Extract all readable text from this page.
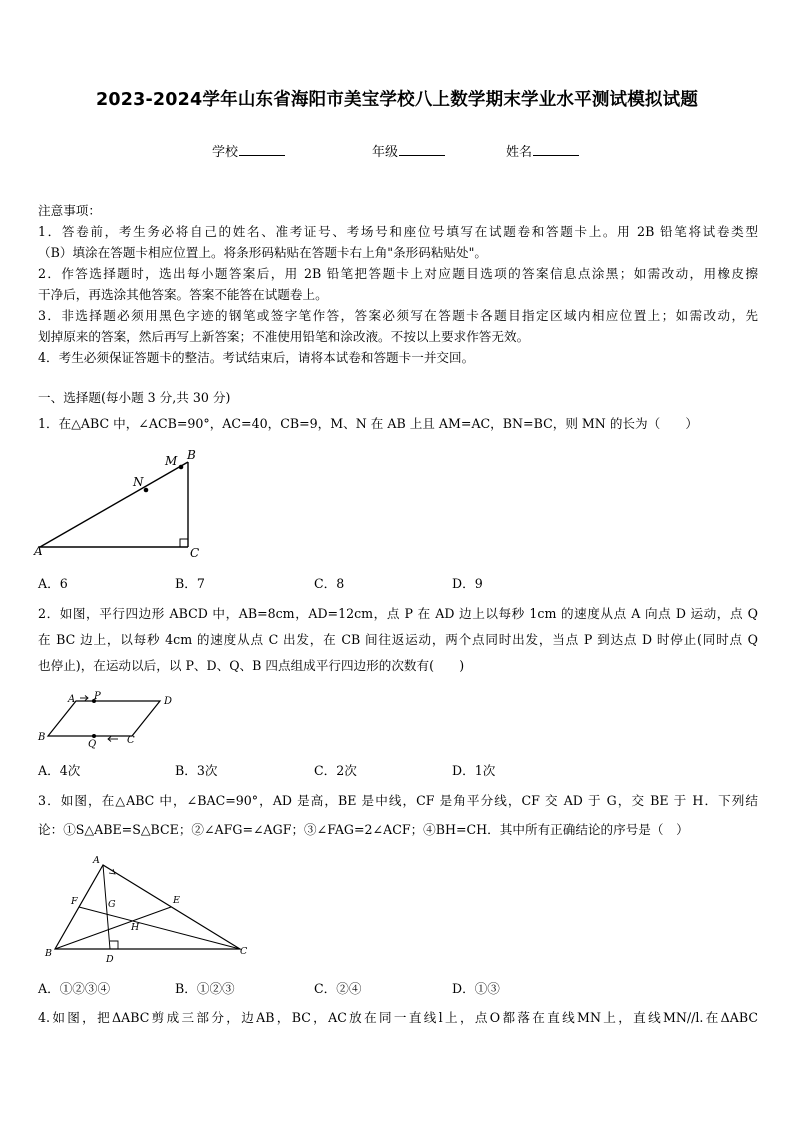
2023-2024学年山东省海阳市美宝学校八上数学期末学业水平测试模拟试题
学校	年级	姓名
注意事项：
1．答卷前，考生务必将自己的姓名、准考证号、考场号和座位号填写在试题卷和答题卡上。用 2B 铅笔将试卷类型
（B）填涂在答题卡相应位置上。将条形码粘贴在答题卡右上角"条形码粘贴处"。
2．作答选择题时，选出每小题答案后，用 2B 铅笔把答题卡上对应题目选项的答案信息点涂黑；如需改动，用橡皮擦
干净后，再选涂其他答案。答案不能答在试题卷上。
3．非选择题必须用黑色字迹的钢笔或签字笔作答，答案必须写在答题卡各题目指定区域内相应位置上；如需改动，先
划掉原来的答案，然后再写上新答案；不准使用铅笔和涂改液。不按以上要求作答无效。
4．考生必须保证答题卡的整洁。考试结束后，请将本试卷和答题卡一并交回。
一、选择题(每小题 3 分,共 30 分)
1．在△ABC 中，∠ACB=90°，AC=40，CB=9，M、N 在 AB 上且 AM=AC，BN=BC，则 MN 的长为（　　）
A	C
B
M
N
A．6	B．7	C．8	D．9
2．如图，平行四边形 ABCD 中，AB=8cm，AD=12cm，点 P 在 AD 边上以每秒 1cm 的速度从点 A 向点 D 运动，点 Q
在 BC 边上，以每秒 4cm 的速度从点 C 出发，在 CB 间往返运动，两个点同时出发，当点 P 到达点 D 时停止(同时点 Q
也停止)，在运动以后，以 P、D、Q、B 四点组成平行四边形的次数有(　　)
A P	D
B
Q	C
A．4次	B．3次	C．2次	D．1次
3．如图，在△ABC 中，∠BAC=90°，AD 是高，BE 是中线，CF 是角平分线，CF 交 AD 于 G，交 BE 于 H．下列结
论：①S△ABE=S△BCE；②∠AFG=∠AGF；③∠FAG=2∠ACF；④BH=CH．其中所有正确结论的序号是（　）
A
B	C
D
E
F	G
H
A．①②③④	B．①②③	C．②④	D．①③
4.如图，把ΔABC剪成三部分，边AB，BC，AC放在同一直线l上，点O都落在直线MN上，直线MN//l.在ΔABC
